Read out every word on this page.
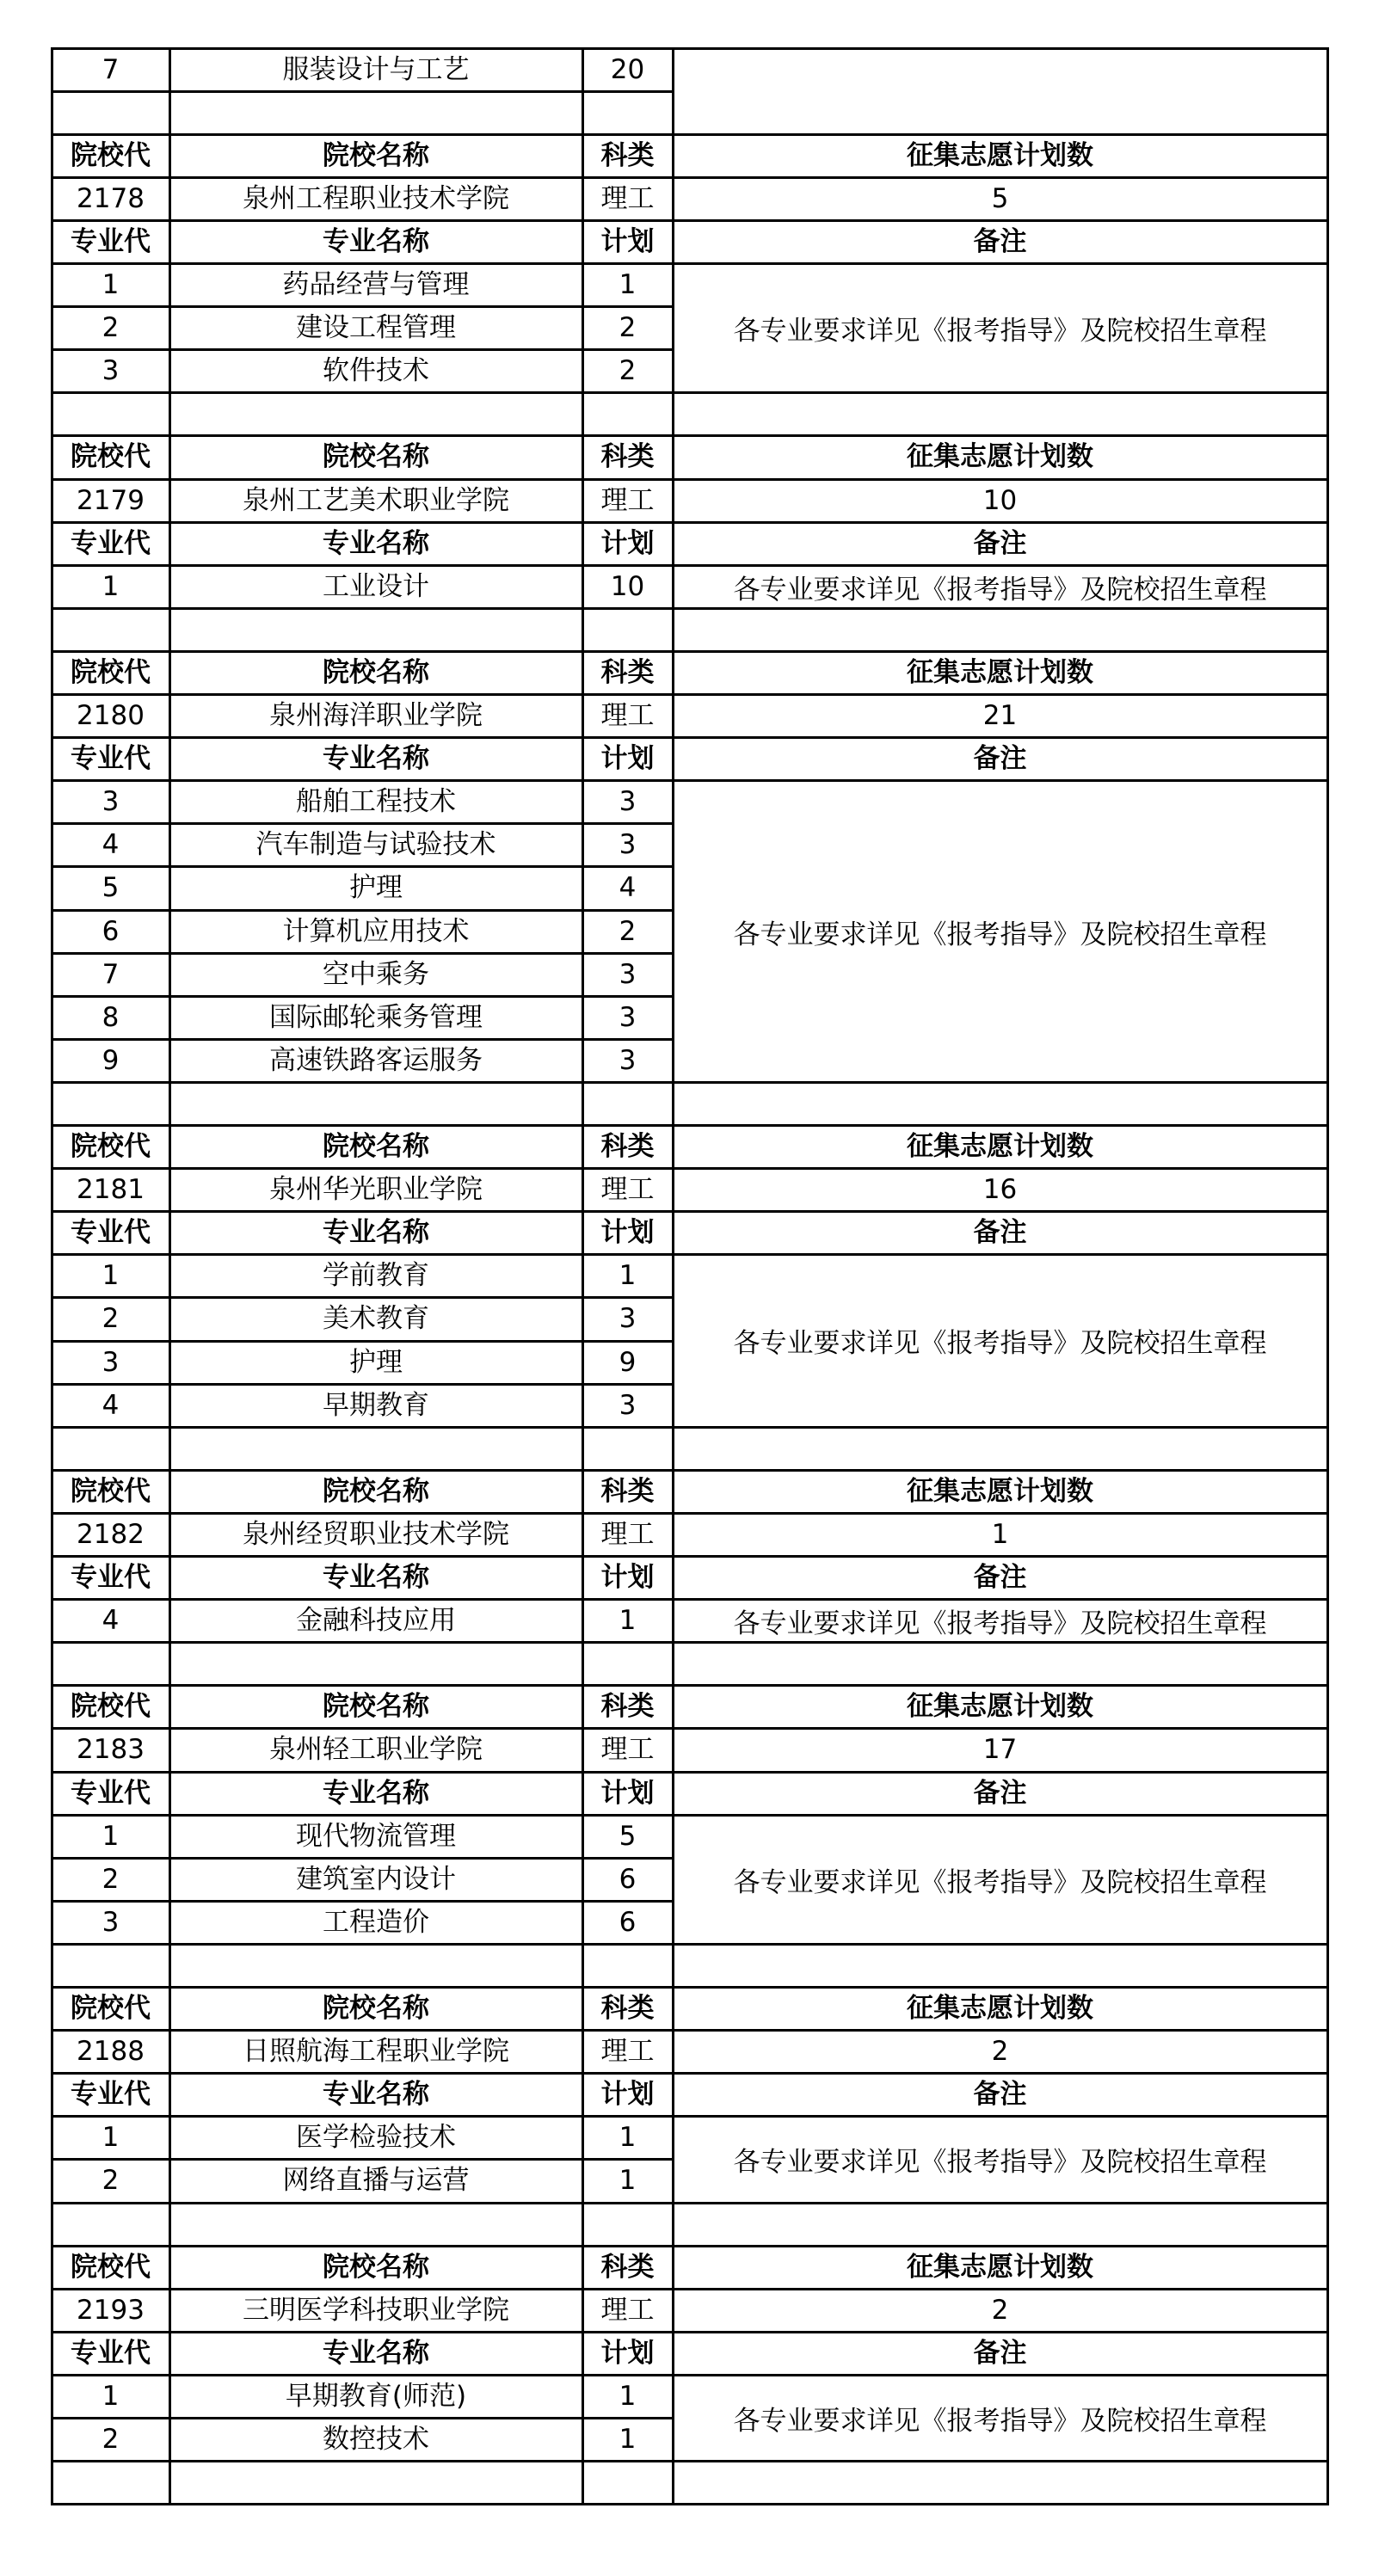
7	服装设计与工艺	20
院校代	院校名称	科类	征集志愿计划数
2178	泉州工程职业技术学院	理工	5
专业代	专业名称	计划	备注
1	药品经营与管理	1
2	建设工程管理	2
3	软件技术	2
各专业要求详见《报考指导》及院校招生章程
院校代	院校名称	科类	征集志愿计划数
2179	泉州工艺美术职业学院	理工	10
专业代	专业名称	计划	备注
1	工业设计	10	各专业要求详见《报考指导》及院校招生章程
院校代	院校名称	科类	征集志愿计划数
2180	泉州海洋职业学院	理工	21
专业代	专业名称	计划	备注
3	船舶工程技术	3
4	汽车制造与试验技术	3
5	护理	4
6	计算机应用技术	2
7	空中乘务	3
8	国际邮轮乘务管理	3
9	高速铁路客运服务	3
各专业要求详见《报考指导》及院校招生章程
院校代	院校名称	科类	征集志愿计划数
2181	泉州华光职业学院	理工	16
专业代	专业名称	计划	备注
1	学前教育	1
2	美术教育	3
3	护理	9
4	早期教育	3
各专业要求详见《报考指导》及院校招生章程
院校代	院校名称	科类	征集志愿计划数
2182	泉州经贸职业技术学院	理工	1
专业代	专业名称	计划	备注
4	金融科技应用	1	各专业要求详见《报考指导》及院校招生章程
院校代	院校名称	科类	征集志愿计划数
2183	泉州轻工职业学院	理工	17
专业代	专业名称	计划	备注
1	现代物流管理	5
2	建筑室内设计	6
3	工程造价	6
各专业要求详见《报考指导》及院校招生章程
院校代	院校名称	科类	征集志愿计划数
2188	日照航海工程职业学院	理工	2
专业代	专业名称	计划	备注
1	医学检验技术	1
2	网络直播与运营	1
各专业要求详见《报考指导》及院校招生章程
院校代	院校名称	科类	征集志愿计划数
2193	三明医学科技职业学院	理工	2
专业代	专业名称	计划	备注
1	早期教育(师范)	1
2	数控技术	1
各专业要求详见《报考指导》及院校招生章程
